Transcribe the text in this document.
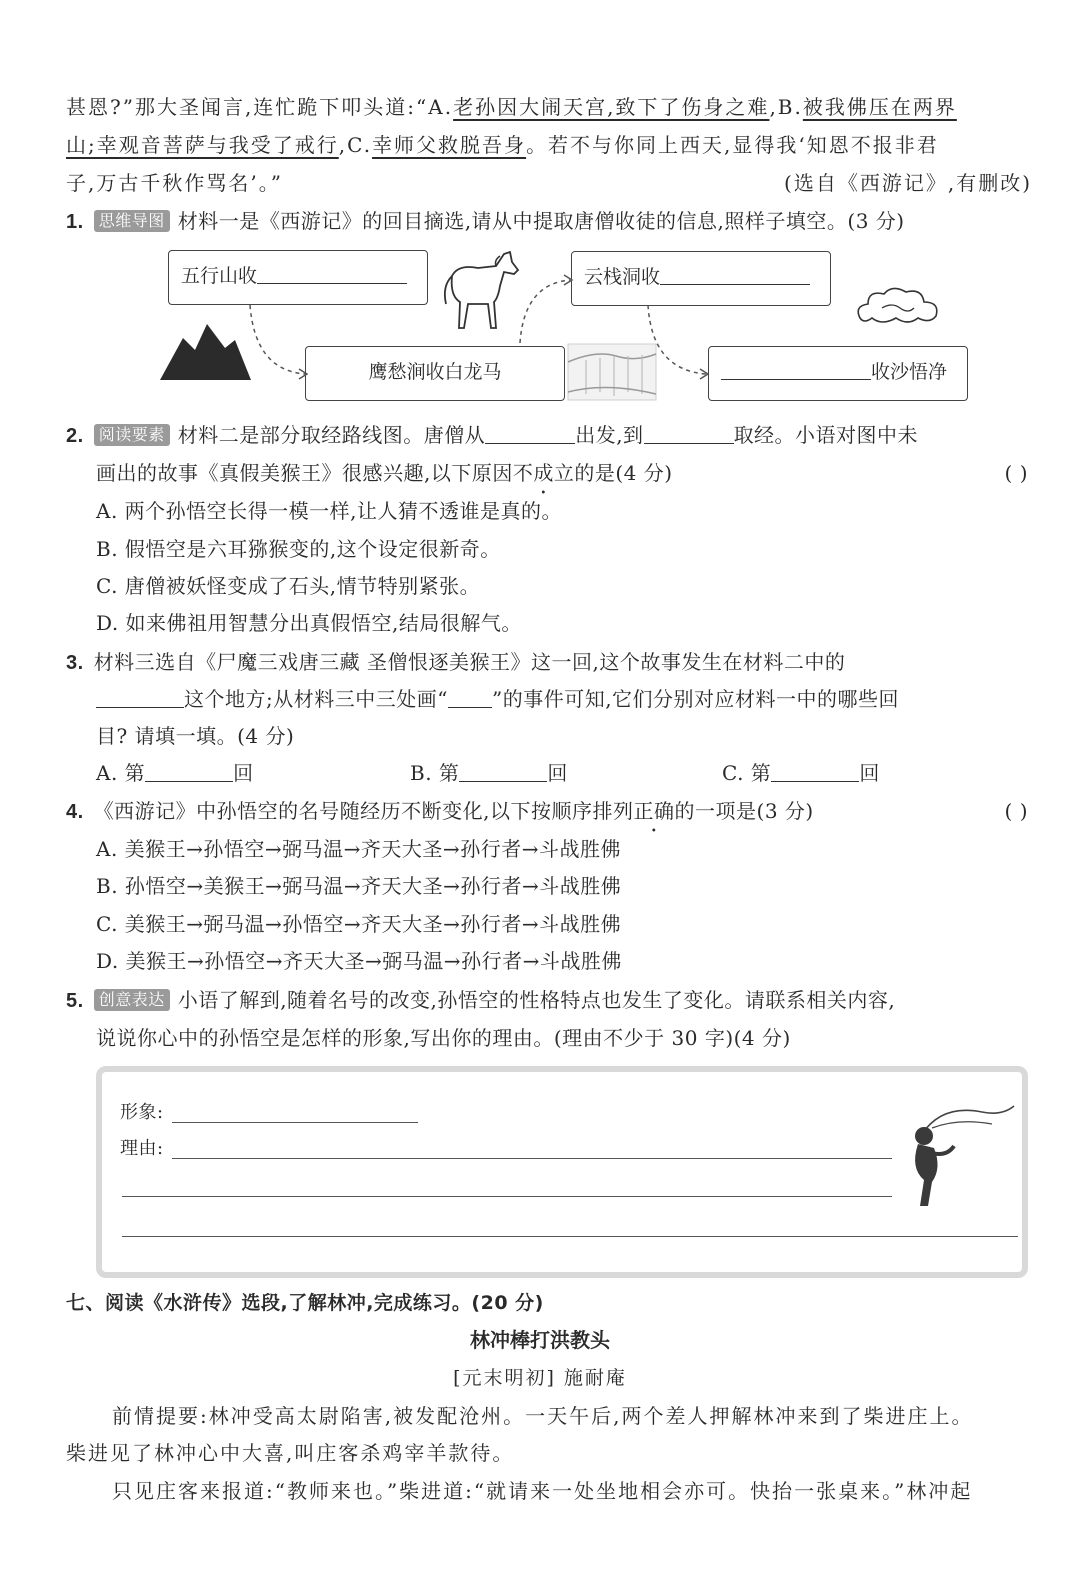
甚恩?”那大圣闻言,连忙跪下叩头道:“A.老孙因大闹天宫,致下了伤身之难,B.被我佛压在两界
山;幸观音菩萨与我受了戒行,C.幸师父救脱吾身。若不与你同上西天,显得我‘知恩不报非君
子,万古千秋作骂名’。”	(选自《西游记》,有删改)
1. 思维导图 材料一是《西游记》的回目摘选,请从中提取唐僧收徒的信息,照样子填空。(3 分)
五行山收	云栈洞收
鹰愁涧收白龙马	收沙悟净
2. 阅读要素 材料二是部分取经路线图。唐僧从	出发,到	取经。小语对图中未
画出的故事《真假美猴王》很感兴趣,以下原因不成立的是(4 分)	( )
A. 两个孙悟空长得一模一样,让人猜不透谁是真的。
B. 假悟空是六耳猕猴变的,这个设定很新奇。
C. 唐僧被妖怪变成了石头,情节特别紧张。
D. 如来佛祖用智慧分出真假悟空,结局很解气。
3. 材料三选自《尸魔三戏唐三藏 圣僧恨逐美猴王》这一回,这个故事发生在材料二中的
这个地方;从材料三中三处画“ ”的事件可知,它们分别对应材料一中的哪些回
目? 请填一填。(4 分)
A. 第	回	B. 第	回	C. 第	回
4. 《西游记》中孙悟空的名号随经历不断变化,以下按顺序排列正确的一项是(3 分)	( )
A. 美猴王→孙悟空→弼马温→齐天大圣→孙行者→斗战胜佛
B. 孙悟空→美猴王→弼马温→齐天大圣→孙行者→斗战胜佛
C. 美猴王→弼马温→孙悟空→齐天大圣→孙行者→斗战胜佛
D. 美猴王→孙悟空→齐天大圣→弼马温→孙行者→斗战胜佛
5. 创意表达 小语了解到,随着名号的改变,孙悟空的性格特点也发生了变化。请联系相关内容,
说说你心中的孙悟空是怎样的形象,写出你的理由。(理由不少于 30 字)(4 分)
形象:
理由:
七、阅读《水浒传》选段,了解林冲,完成练习。(20 分)
林冲棒打洪教头
[元末明初] 施耐庵
前情提要:林冲受高太尉陷害,被发配沧州。一天午后,两个差人押解林冲来到了柴进庄上。
柴进见了林冲心中大喜,叫庄客杀鸡宰羊款待。
只见庄客来报道:“教师来也。”柴进道:“就请来一处坐地相会亦可。快抬一张桌来。”林冲起
